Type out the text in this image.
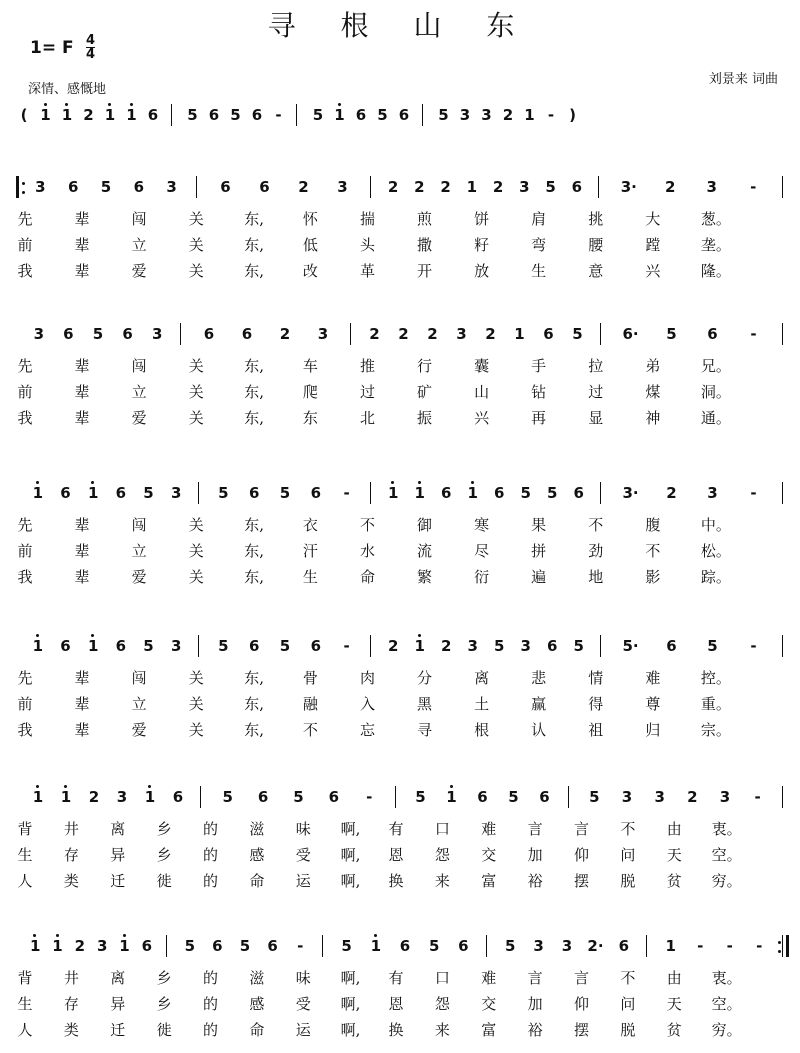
寻 根 山 东
1= F $\frac{4}{4}$
深情、感慨地
刘景来 词曲
( 1 1 2 1 1 6 5 6 5 6 -	5 1 6 5 6 5 3 3 2 1 - )
3 6 5 6 3	6 6 2 3	2 2 2 1 2 3 5 6	3· 2 3	-
先	辈	闯	关	东,	怀	揣	煎	饼	肩	挑	大	葱。
前	辈	立	关	东,	低	头	撒	籽	弯	腰	蹚	垄。
我	辈	爱	关	东,	改	革	开	放	生	意	兴	隆。
3 6 5 6 3	6 6 2 3	2 2 2 3 2 1 6 5	6· 5 6	-
先	辈	闯	关	东,	车	推	行	囊	手	拉	弟	兄。
前	辈	立	关	东,	爬	过	矿	山	钻	过	煤	洞。
我	辈	爱	关	东,	东	北	振	兴	再	显	神	通。
1 6 1 6 5 3 5 6 5 6	-	1 1 6 1 6 5 5 6	3· 2 3	-
先	辈	闯	关	东,	衣	不	御	寒	果	不	腹	中。
前	辈	立	关	东,	汗	水	流	尽	拼	劲	不	松。
我	辈	爱	关	东,	生	命	繁	衍	遍	地	影	踪。
1 6 1 6 5 3 5 6 5 6	-	2 1 2 3 5 3 6 5	5· 6 5	-
先	辈	闯	关	东,	骨	肉	分	离	悲	情	难	控。
前	辈	立	关	东,	融	入	黑	土	赢	得	尊	重。
我	辈	爱	关	东,	不	忘	寻	根	认	祖	归	宗。
1 1 2 3 1 6	5 6 5 6	-	5 1 6 5 6	5 3 3 2 3	-
背 井 离 乡 的 滋 味 啊, 有 口 难 言 言 不 由 衷。
生 存 异 乡 的 感 受 啊, 恩 怨 交 加 仰 问 天 空。
人 类 迁 徙 的 命 运 啊, 换 来 富 裕 摆 脱 贫 穷。
1 1 2 3 1 6 5 6 5 6	-	5 1 6 5 6 5 3 3 2· 6 1	-	-	-
背 井 离 乡 的 滋 味 啊, 有 口 难 言 言 不 由 衷。
生 存 异 乡 的 感 受 啊, 恩 怨 交 加 仰 问 天 空。
人 类 迁 徙 的 命 运 啊, 换 来 富 裕 摆 脱 贫 穷。
